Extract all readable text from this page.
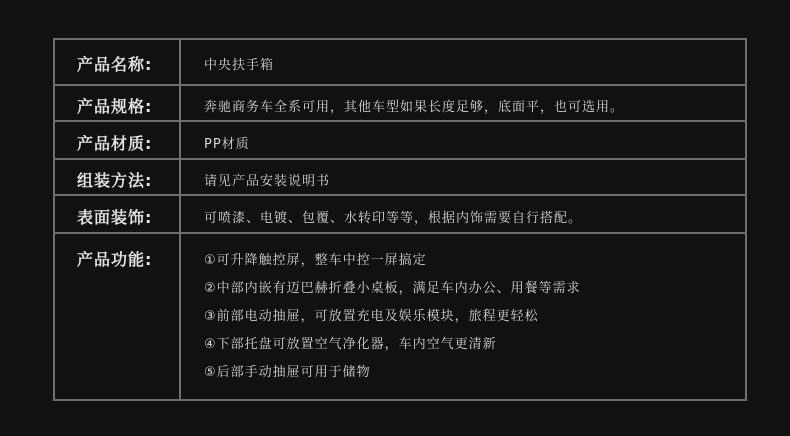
产品名称:	中央扶手箱
产品规格:	奔驰商务车全系可用，其他车型如果长度足够，底面平，也可选用。
产品材质:	PP材质
组装方法:	请见产品安装说明书
表面装饰:	可喷漆、电镀、包覆、水转印等等，根据内饰需要自行搭配。
产品功能:	①可升降触控屏，整车中控一屏搞定
②中部内嵌有迈巴赫折叠小桌板，满足车内办公、用餐等需求
③前部电动抽屉，可放置充电及娱乐模块，旅程更轻松
④下部托盘可放置空气净化器，车内空气更清新
⑤后部手动抽屉可用于储物
